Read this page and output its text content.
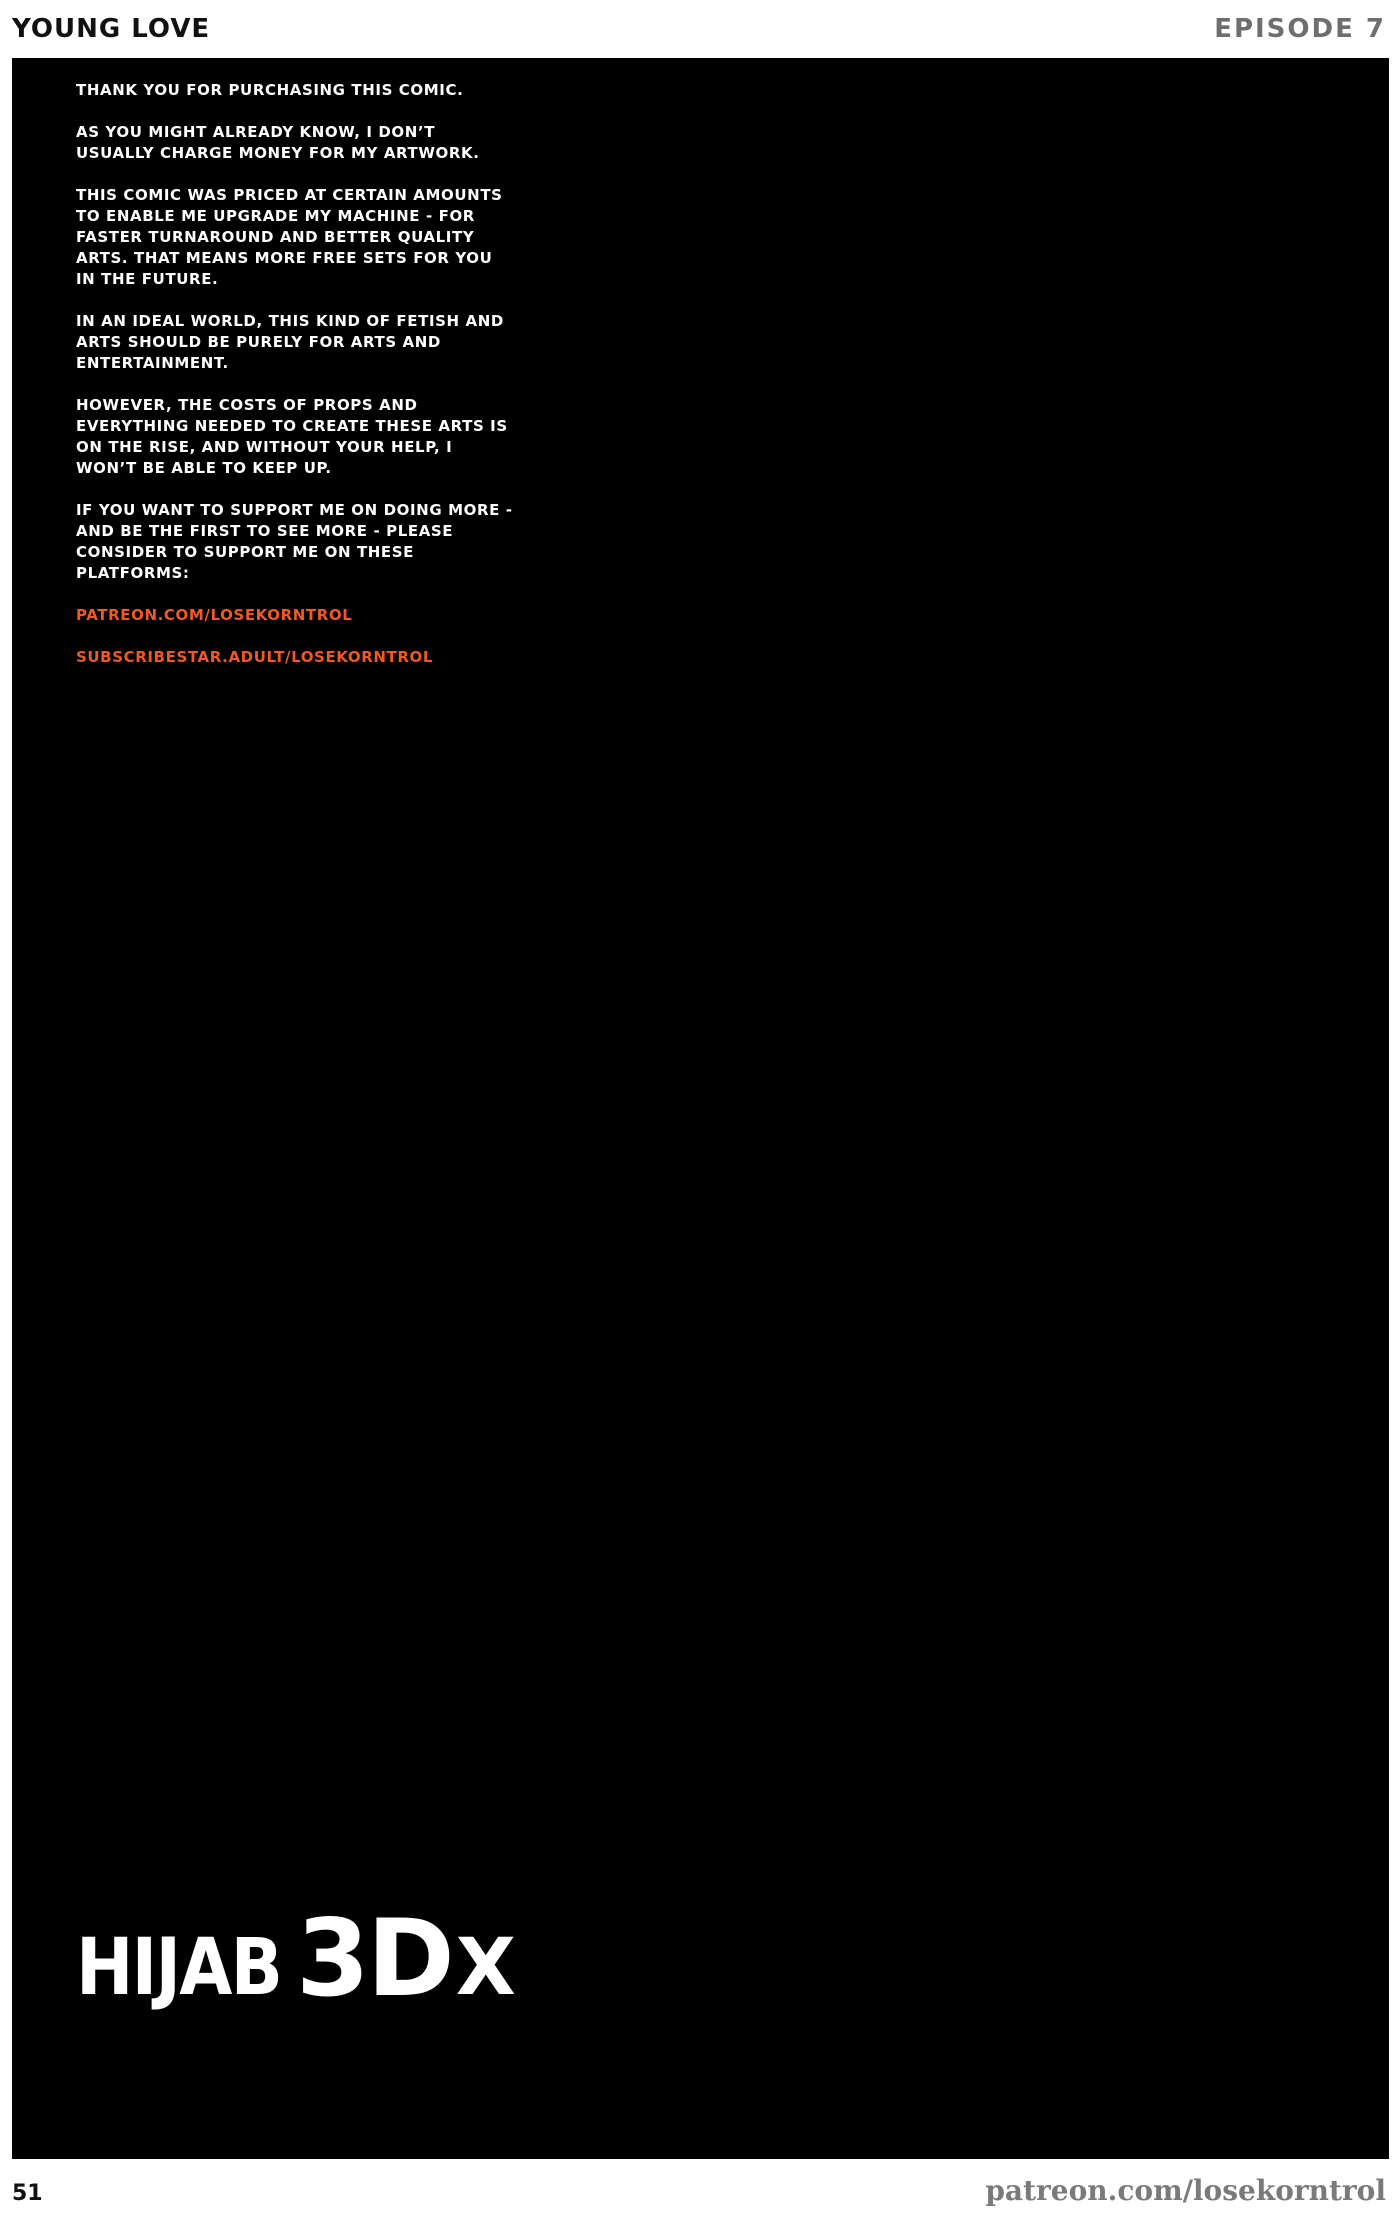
YOUNG LOVE	EPISODE 7

THANK YOU FOR PURCHASING THIS COMIC.

AS YOU MIGHT ALREADY KNOW, I DON’T USUALLY CHARGE MONEY FOR MY ARTWORK.

THIS COMIC WAS PRICED AT CERTAIN AMOUNTS TO ENABLE ME UPGRADE MY MACHINE - FOR FASTER TURNAROUND AND BETTER QUALITY ARTS. THAT MEANS MORE FREE SETS FOR YOU IN THE FUTURE.

IN AN IDEAL WORLD, THIS KIND OF FETISH AND ARTS SHOULD BE PURELY FOR ARTS AND ENTERTAINMENT.

HOWEVER, THE COSTS OF PROPS AND EVERYTHING NEEDED TO CREATE THESE ARTS IS ON THE RISE, AND WITHOUT YOUR HELP, I WON’T BE ABLE TO KEEP UP.

IF YOU WANT TO SUPPORT ME ON DOING MORE - AND BE THE FIRST TO SEE MORE - PLEASE CONSIDER TO SUPPORT ME ON THESE PLATFORMS:

PATREON.COM/LOSEKORNTROL
SUBSCRIBESTAR.ADULT/LOSEKORNTROL
HIJAB 3D X
51	patreon.com/losekorntrol
